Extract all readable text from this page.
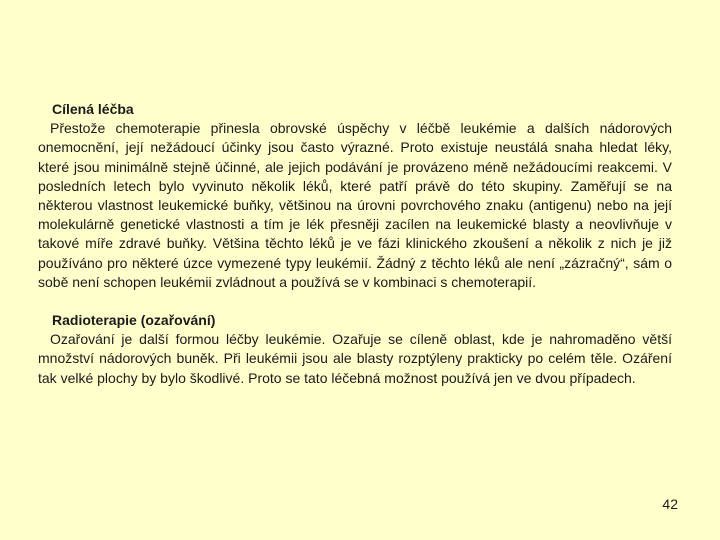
Cílená léčba

Přestože chemoterapie přinesla obrovské úspěchy v léčbě leukémie a dalších nádorových onemocnění, její nežádoucí účinky jsou často výrazné. Proto existuje neustálá snaha hledat léky, které jsou minimálně stejně účinné, ale jejich podávání je provázeno méně nežádoucími reakcemi. V posledních letech bylo vyvinuto několik léků, které patří právě do této skupiny. Zaměřují se na některou vlastnost leukemické buňky, většinou na úrovni povrchového znaku (antigenu) nebo na její molekulárně genetické vlastnosti a tím je lék přesněji zacílen na leukemické blasty a neovlivňuje v takové míře zdravé buňky. Většina těchto léků je ve fázi klinického zkoušení a několik z nich je již používáno pro některé úzce vymezené typy leukémií. Žádný z těchto léků ale není „zázračný“, sám o sobě není schopen leukémii zvládnout a používá se v kombinaci s chemoterapií.

Radioterapie (ozařování)

Ozařování je další formou léčby leukémie. Ozařuje se cíleně oblast, kde je nahromaděno větší množství nádorových buněk. Při leukémii jsou ale blasty rozptýleny prakticky po celém těle. Ozáření tak velké plochy by bylo škodlivé. Proto se tato léčebná možnost používá jen ve dvou případech.

42
